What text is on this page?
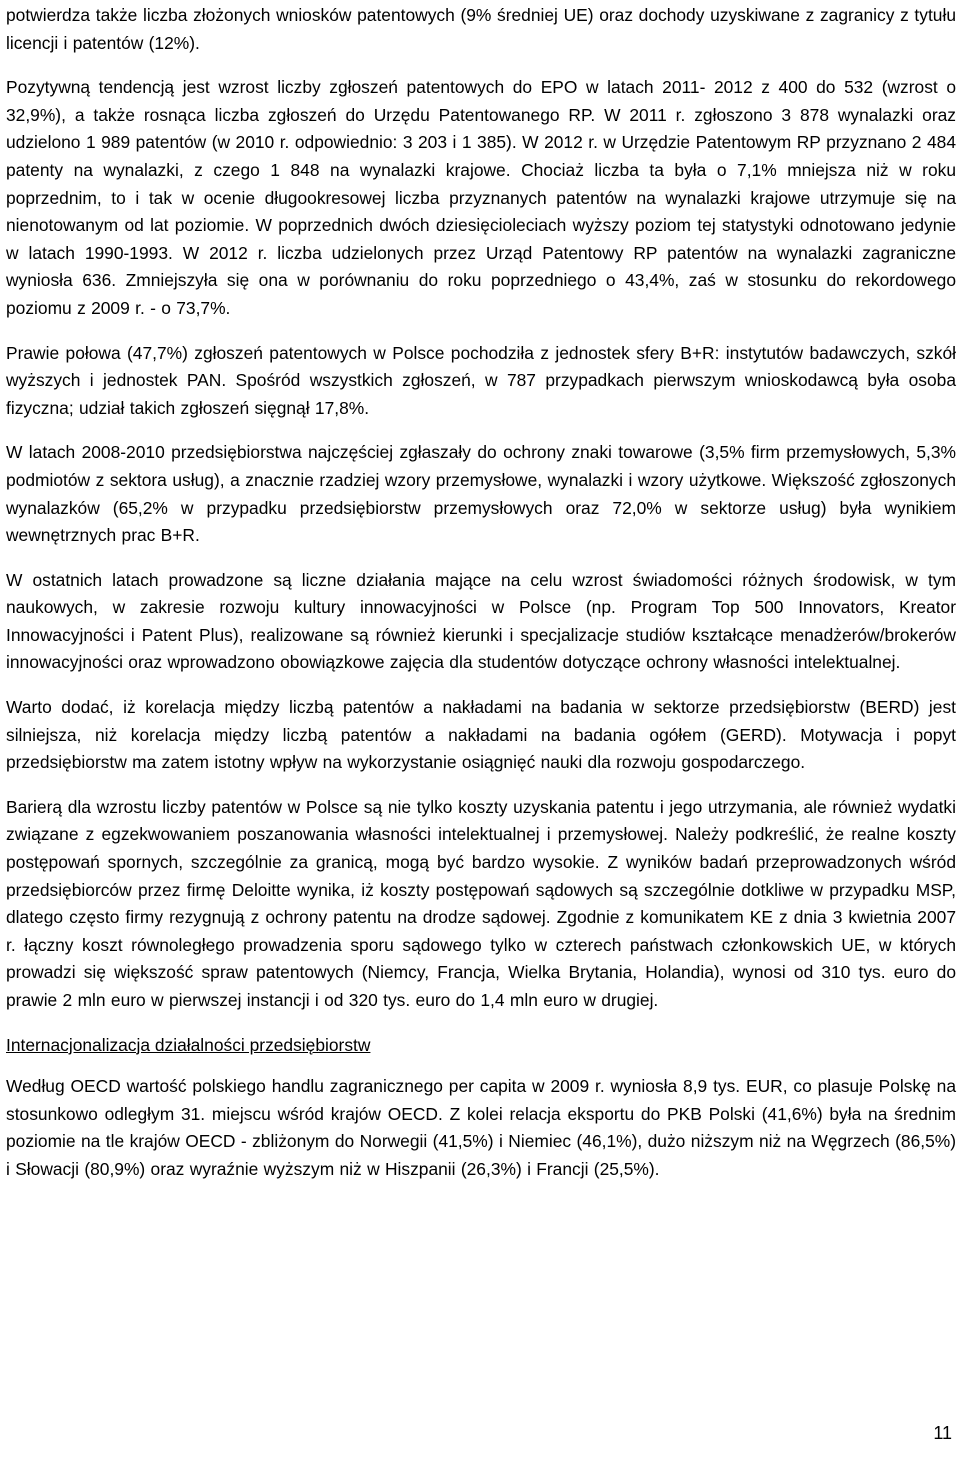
potwierdza także liczba złożonych wniosków patentowych (9% średniej UE) oraz dochody uzyskiwane z zagranicy z tytułu licencji i patentów (12%).

Pozytywną tendencją jest wzrost liczby zgłoszeń patentowych do EPO w latach 2011- 2012 z 400 do 532 (wzrost o 32,9%), a także rosnąca liczba zgłoszeń do Urzędu Patentowanego RP. W 2011 r. zgłoszono 3 878 wynalazki oraz udzielono 1 989 patentów (w 2010 r. odpowiednio: 3 203 i 1 385). W 2012 r. w Urzędzie Patentowym RP przyznano 2 484 patenty na wynalazki, z czego 1 848 na wynalazki krajowe. Chociaż liczba ta była o 7,1% mniejsza niż w roku poprzednim, to i tak w ocenie długookresowej liczba przyznanych patentów na wynalazki krajowe utrzymuje się na nienotowanym od lat poziomie. W poprzednich dwóch dziesięcioleciach wyższy poziom tej statystyki odnotowano jedynie w latach 1990-1993. W 2012 r. liczba udzielonych przez Urząd Patentowy RP patentów na wynalazki zagraniczne wyniosła 636. Zmniejszyła się ona w porównaniu do roku poprzedniego o 43,4%, zaś w stosunku do rekordowego poziomu z 2009 r. - o 73,7%.

Prawie połowa (47,7%) zgłoszeń patentowych w Polsce pochodziła z jednostek sfery B+R: instytutów badawczych, szkół wyższych i jednostek PAN. Spośród wszystkich zgłoszeń, w 787 przypadkach pierwszym wnioskodawcą była osoba fizyczna; udział takich zgłoszeń sięgnął 17,8%.

W latach 2008-2010 przedsiębiorstwa najczęściej zgłaszały do ochrony znaki towarowe (3,5% firm przemysłowych, 5,3% podmiotów z sektora usług), a znacznie rzadziej wzory przemysłowe, wynalazki i wzory użytkowe. Większość zgłoszonych wynalazków (65,2% w przypadku przedsiębiorstw przemysłowych oraz 72,0% w sektorze usług) była wynikiem wewnętrznych prac B+R.

W ostatnich latach prowadzone są liczne działania mające na celu wzrost świadomości różnych środowisk, w tym naukowych, w zakresie rozwoju kultury innowacyjności w Polsce (np. Program Top 500 Innovators, Kreator Innowacyjności i Patent Plus), realizowane są również kierunki i specjalizacje studiów kształcące menadżerów/brokerów innowacyjności oraz wprowadzono obowiązkowe zajęcia dla studentów dotyczące ochrony własności intelektualnej.

Warto dodać, iż korelacja między liczbą patentów a nakładami na badania w sektorze przedsiębiorstw (BERD) jest silniejsza, niż korelacja między liczbą patentów a nakładami na badania ogółem (GERD). Motywacja i popyt przedsiębiorstw ma zatem istotny wpływ na wykorzystanie osiągnięć nauki dla rozwoju gospodarczego.

Barierą dla wzrostu liczby patentów w Polsce są nie tylko koszty uzyskania patentu i jego utrzymania, ale również wydatki związane z egzekwowaniem poszanowania własności intelektualnej i przemysłowej. Należy podkreślić, że realne koszty postępowań spornych, szczególnie za granicą, mogą być bardzo wysokie. Z wyników badań przeprowadzonych wśród przedsiębiorców przez firmę Deloitte wynika, iż koszty postępowań sądowych są szczególnie dotkliwe w przypadku MSP, dlatego często firmy rezygnują z ochrony patentu na drodze sądowej. Zgodnie z komunikatem KE z dnia 3 kwietnia 2007 r. łączny koszt równoległego prowadzenia sporu sądowego tylko w czterech państwach członkowskich UE, w których prowadzi się większość spraw patentowych (Niemcy, Francja, Wielka Brytania, Holandia), wynosi od 310 tys. euro do prawie 2 mln euro w pierwszej instancji i od 320 tys. euro do 1,4 mln euro w drugiej.

Internacjonalizacja działalności przedsiębiorstw

Według OECD wartość polskiego handlu zagranicznego per capita w 2009 r. wyniosła 8,9 tys. EUR, co plasuje Polskę na stosunkowo odległym 31. miejscu wśród krajów OECD. Z kolei relacja eksportu do PKB Polski (41,6%) była na średnim poziomie na tle krajów OECD - zbliżonym do Norwegii (41,5%) i Niemiec (46,1%), dużo niższym niż na Węgrzech (86,5%) i Słowacji (80,9%) oraz wyraźnie wyższym niż w Hiszpanii (26,3%) i Francji (25,5%).

11
